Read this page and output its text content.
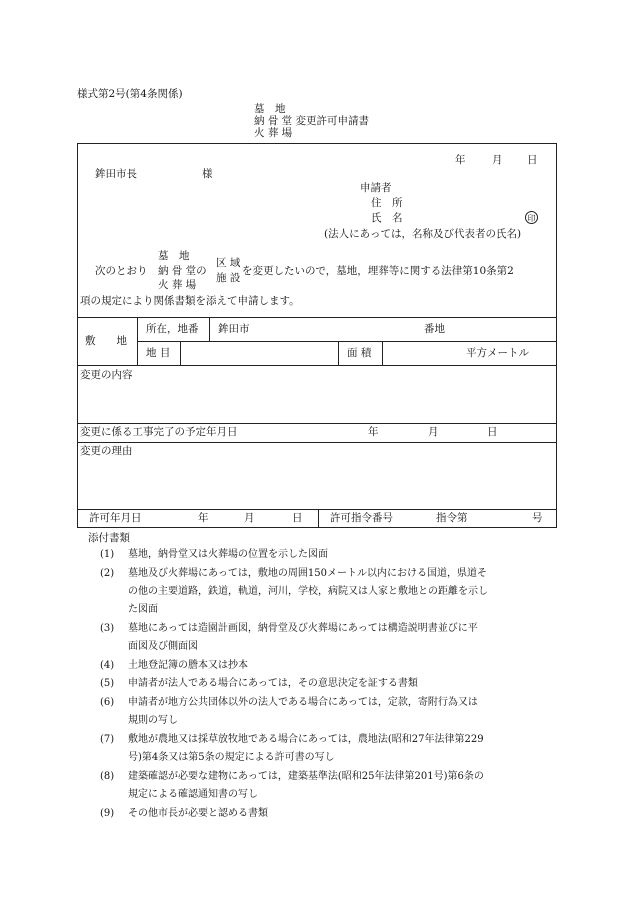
様式第2号(第4条関係)
墓　地
納 骨 堂 変更許可申請書
火 葬 場
年	月 日
鉾田市長	様
申請者
住　所
氏　名	印
(法人にあっては，名称及び代表者の氏名)
次のとおり
墓　地
納 骨 堂の
火 葬 場
区 域
施 設
を変更したいので，墓地，埋葬等に関する法律第10条第2
項の規定により関係書類を添えて申請します。
敷　　地
所在，地番 鉾田市	番地
地 目	面 積	平方メートル
変更の内容
変更に係る工事完了の予定年月日	年	月	日
変更の理由
許可年月日	年	月	日	許可指令番号	指令第	号
添付書類
(1) 墓地，納骨堂又は火葬場の位置を示した図面
(2) 墓地及び火葬場にあっては，敷地の周囲150メートル以内における国道，県道そ
の他の主要道路，鉄道，軌道，河川，学校，病院又は人家と敷地との距離を示し
た図面
(3) 墓地にあっては造園計画図，納骨堂及び火葬場にあっては構造説明書並びに平
面図及び側面図
(4) 土地登記簿の謄本又は抄本
(5) 申請者が法人である場合にあっては，その意思決定を証する書類
(6) 申請者が地方公共団体以外の法人である場合にあっては，定款，寄附行為又は
規則の写し
(7) 敷地が農地又は採草放牧地である場合にあっては，農地法(昭和27年法律第229
号)第4条又は第5条の規定による許可書の写し
(8) 建築確認が必要な建物にあっては，建築基準法(昭和25年法律第201号)第6条の
規定による確認通知書の写し
(9) その他市長が必要と認める書類
